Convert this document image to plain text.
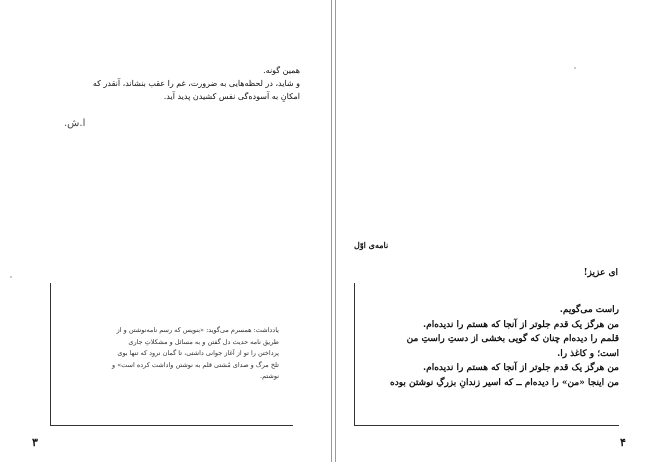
همین گونه.
و شاید، در لحظه‌هایی به ضرورت، غم را عقب بنشاند، آنقدر که
امکانِ به آسوده‌گی نفس کشیدن پدید آید.
ا.ش.
یادداشت: همسرم می‌گوید: «بنویس که رسم نامه‌نوشتن و از
طریق نامه حدیث دل گفتن و به مسائل و مشکلاتِ جاری
پرداختن را تو از آغاز جوانی داشتی، تا گمان نرود که تنها بوی
تلخ مرگ و صدای مُشتی قلم به نوشتن واداشت کرده است» و
نوشتم.
۳
نامه‌ی اوّل
راست می‌گویم.
من هرگز یک قدم جلوتر از آنجا که هستم را ندیده‌ام.
قلمم را دیده‌ام چنان که گویی بخشی از دستِ راستِ من
است؛ و کاغذ را.
من هرگز یک قدم جلوتر از آنجا که هستم را ندیده‌ام.
من اینجا «من» را دیده‌ام ــ که اسیر زندانِ بزرگِ نوشتن بوده
ای عزیز!
۴
